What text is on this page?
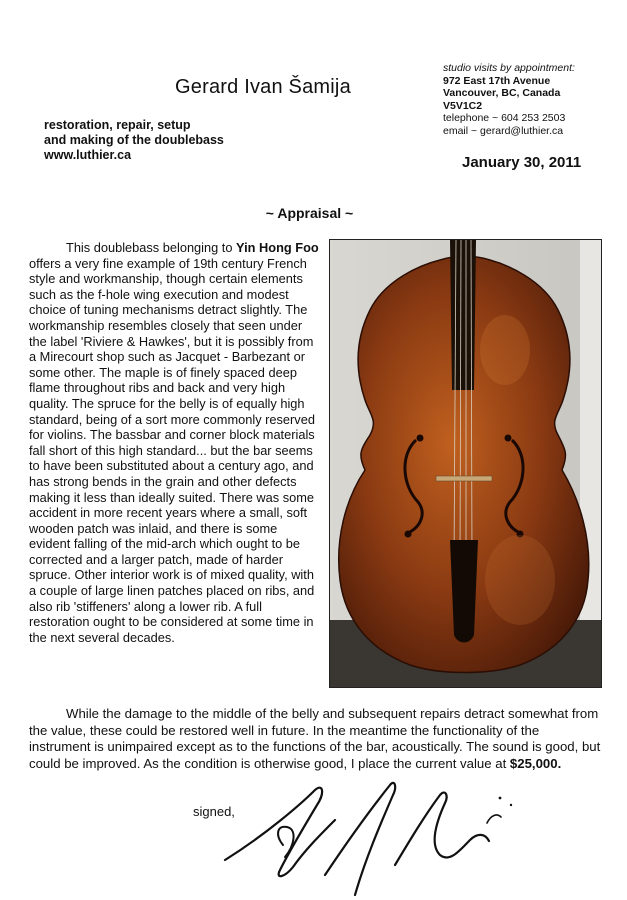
Gerard Ivan Šamija
restoration, repair, setup
and making of the doublebass
www.luthier.ca
studio visits by appointment:
972 East 17th Avenue
Vancouver, BC, Canada
V5V1C2
telephone ~ 604 253 2503
email ~ gerard@luthier.ca
January 30, 2011
~ Appraisal ~
This doublebass belonging to Yin Hong Foo offers a very fine example of 19th century French style and workmanship, though certain elements such as the f-hole wing execution and modest choice of tuning mechanisms detract slightly. The workmanship resembles closely that seen under the label 'Riviere & Hawkes', but it is possibly from a Mirecourt shop such as Jacquet - Barbezant or some other. The maple is of finely spaced deep flame throughout ribs and back and very high quality. The spruce for the belly is of equally high standard, being of a sort more commonly reserved for violins. The bassbar and corner block materials fall short of this high standard... but the bar seems to have been substituted about a century ago, and has strong bends in the grain and other defects making it less than ideally suited. There was some accident in more recent years where a small, soft wooden patch was inlaid, and there is some evident falling of the mid-arch which ought to be corrected and a larger patch, made of harder spruce. Other interior work is of mixed quality, with a couple of large linen patches placed on ribs, and also rib 'stiffeners' along a lower rib. A full restoration ought to be considered at some time in the next several decades.
While the damage to the middle of the belly and subsequent repairs detract somewhat from the value, these could be restored well in future. In the meantime the functionality of the instrument is unimpaired except as to the functions of the bar, acoustically. The sound is good, but could be improved. As the condition is otherwise good, I place the current value at $25,000.
signed,
